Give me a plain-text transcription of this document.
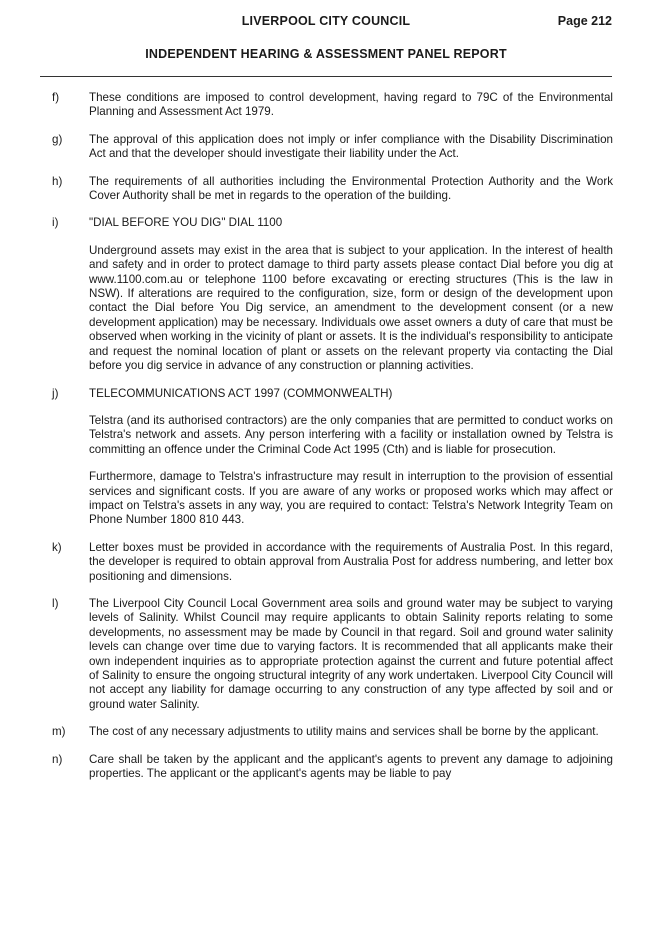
LIVERPOOL CITY COUNCIL	Page 212
INDEPENDENT HEARING & ASSESSMENT PANEL REPORT
f)	These conditions are imposed to control development, having regard to 79C of the Environmental Planning and Assessment Act 1979.

g)	The approval of this application does not imply or infer compliance with the Disability Discrimination Act and that the developer should investigate their liability under the Act.

h)	The requirements of all authorities including the Environmental Protection Authority and the Work Cover Authority shall be met in regards to the operation of the building.

i)	"DIAL BEFORE YOU DIG" DIAL 1100

Underground assets may exist in the area that is subject to your application. In the interest of health and safety and in order to protect damage to third party assets please contact Dial before you dig at www.1100.com.au or telephone 1100 before excavating or erecting structures (This is the law in NSW). If alterations are required to the configuration, size, form or design of the development upon contact the Dial before You Dig service, an amendment to the development consent (or a new development application) may be necessary. Individuals owe asset owners a duty of care that must be observed when working in the vicinity of plant or assets. It is the individual's responsibility to anticipate and request the nominal location of plant or assets on the relevant property via contacting the Dial before you dig service in advance of any construction or planning activities.

j)	TELECOMMUNICATIONS ACT 1997 (COMMONWEALTH)

Telstra (and its authorised contractors) are the only companies that are permitted to conduct works on Telstra's network and assets. Any person interfering with a facility or installation owned by Telstra is committing an offence under the Criminal Code Act 1995 (Cth) and is liable for prosecution.

Furthermore, damage to Telstra's infrastructure may result in interruption to the provision of essential services and significant costs. If you are aware of any works or proposed works which may affect or impact on Telstra's assets in any way, you are required to contact: Telstra's Network Integrity Team on Phone Number 1800 810 443.

k)	Letter boxes must be provided in accordance with the requirements of Australia Post. In this regard, the developer is required to obtain approval from Australia Post for address numbering, and letter box positioning and dimensions.

l)	The Liverpool City Council Local Government area soils and ground water may be subject to varying levels of Salinity. Whilst Council may require applicants to obtain Salinity reports relating to some developments, no assessment may be made by Council in that regard. Soil and ground water salinity levels can change over time due to varying factors. It is recommended that all applicants make their own independent inquiries as to appropriate protection against the current and future potential affect of Salinity to ensure the ongoing structural integrity of any work undertaken. Liverpool City Council will not accept any liability for damage occurring to any construction of any type affected by soil and or ground water Salinity.

m)	The cost of any necessary adjustments to utility mains and services shall be borne by the applicant.

n)	Care shall be taken by the applicant and the applicant's agents to prevent any damage to adjoining properties. The applicant or the applicant's agents may be liable to pay
